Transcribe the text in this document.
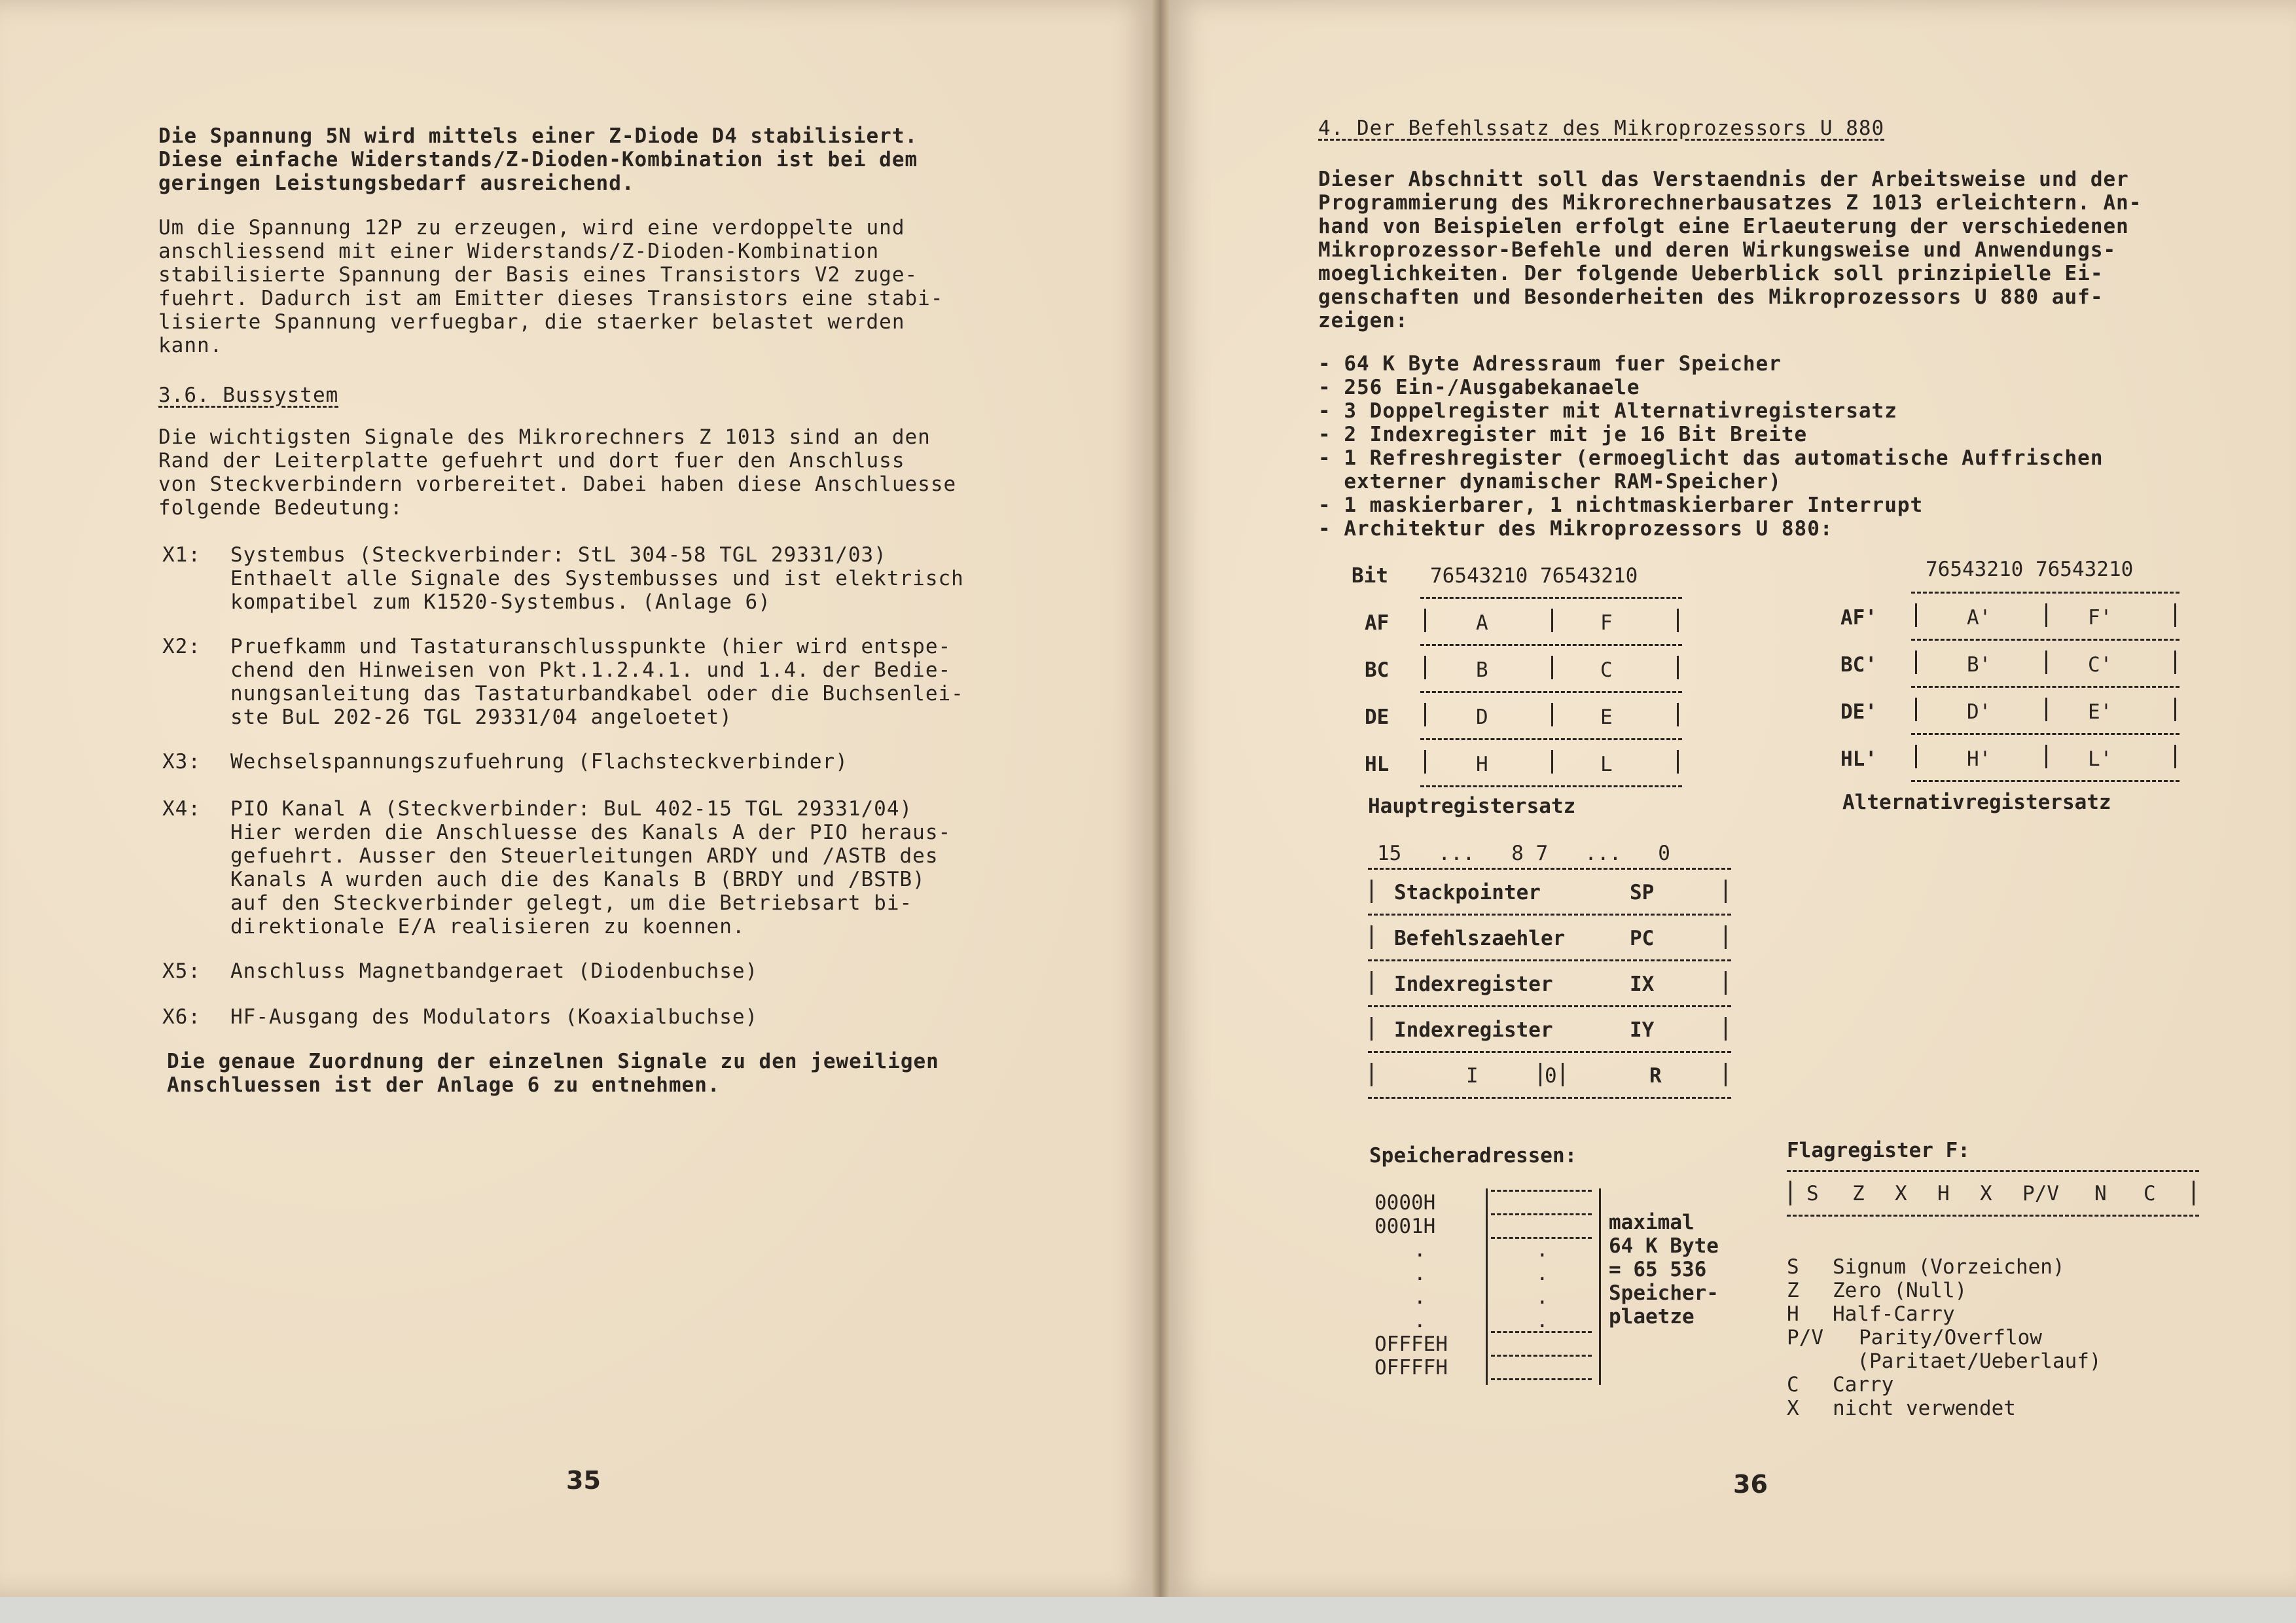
Die Spannung 5N wird mittels einer Z-Diode D4 stabilisiert.
Diese einfache Widerstands/Z-Dioden-Kombination ist bei dem
geringen Leistungsbedarf ausreichend.
Um die Spannung 12P zu erzeugen, wird eine verdoppelte und
anschliessend mit einer Widerstands/Z-Dioden-Kombination
stabilisierte Spannung der Basis eines Transistors V2 zuge-
fuehrt. Dadurch ist am Emitter dieses Transistors eine stabi-
lisierte Spannung verfuegbar, die staerker belastet werden
kann.
3.6. Bussystem
Die wichtigsten Signale des Mikrorechners Z 1013 sind an den
Rand der Leiterplatte gefuehrt und dort fuer den Anschluss
von Steckverbindern vorbereitet. Dabei haben diese Anschluesse
folgende Bedeutung:
X1: Systembus (Steckverbinder: StL 304-58 TGL 29331/03)
Enthaelt alle Signale des Systembusses und ist elektrisch
kompatibel zum K1520-Systembus. (Anlage 6)
X2: Pruefkamm und Tastaturanschlusspunkte (hier wird entspe-
chend den Hinweisen von Pkt.1.2.4.1. und 1.4. der Bedie-
nungsanleitung das Tastaturbandkabel oder die Buchsenlei-
ste BuL 202-26 TGL 29331/04 angeloetet)
X3: Wechselspannungszufuehrung (Flachsteckverbinder)
X4: PIO Kanal A (Steckverbinder: BuL 402-15 TGL 29331/04)
Hier werden die Anschluesse des Kanals A der PIO heraus-
gefuehrt. Ausser den Steuerleitungen ARDY und /ASTB des
Kanals A wurden auch die des Kanals B (BRDY und /BSTB)
auf den Steckverbinder gelegt, um die Betriebsart bi-
direktionale E/A realisieren zu koennen.
X5: Anschluss Magnetbandgeraet (Diodenbuchse)
X6: HF-Ausgang des Modulators (Koaxialbuchse)
Die genaue Zuordnung der einzelnen Signale zu den jeweiligen
Anschluessen ist der Anlage 6 zu entnehmen.
35
4. Der Befehlssatz des Mikroprozessors U 880
Dieser Abschnitt soll das Verstaendnis der Arbeitsweise und der
Programmierung des Mikrorechnerbausatzes Z 1013 erleichtern. An-
hand von Beispielen erfolgt eine Erlaeuterung der verschiedenen
Mikroprozessor-Befehle und deren Wirkungsweise und Anwendungs-
moeglichkeiten. Der folgende Ueberblick soll prinzipielle Ei-
genschaften und Besonderheiten des Mikroprozessors U 880 auf-
zeigen:
- 64 K Byte Adressraum fuer Speicher
- 256 Ein-/Ausgabekanaele
- 3 Doppelregister mit Alternativregistersatz
- 2 Indexregister mit je 16 Bit Breite
- 1 Refreshregister (ermoeglicht das automatische Auffrischen
externer dynamischer RAM-Speicher)
- 1 maskierbarer, 1 nichtmaskierbarer Interrupt
- Architektur des Mikroprozessors U 880:
Bit 76543210 76543210
Hauptregistersatz
76543210 76543210
Alternativregistersatz
15   ...   8 7   ...   0
Speicheradressen:	Flagregister F:
36
AF	A	F
BC	B	C
DE	D	E
HL	H	L
AF'	A'	F'
BC'	B'	C'
DE'	D'	E'
HL'	H'	L'
Stackpointer	SP
Befehlszaehler	PC
Indexregister	IX
Indexregister	IY
I	0	R
0000H
0001H
.
.
.
.
OFFFEH
OFFFFH
.
.
.
.
maximal
64 K Byte
= 65 536
Speicher-
plaetze
S Z X H X P/V N C
S Signum (Vorzeichen)
Z Zero (Null)
H Half-Carry
P/V Parity/Overflow
(Paritaet/Ueberlauf)
C Carry
X nicht verwendet
